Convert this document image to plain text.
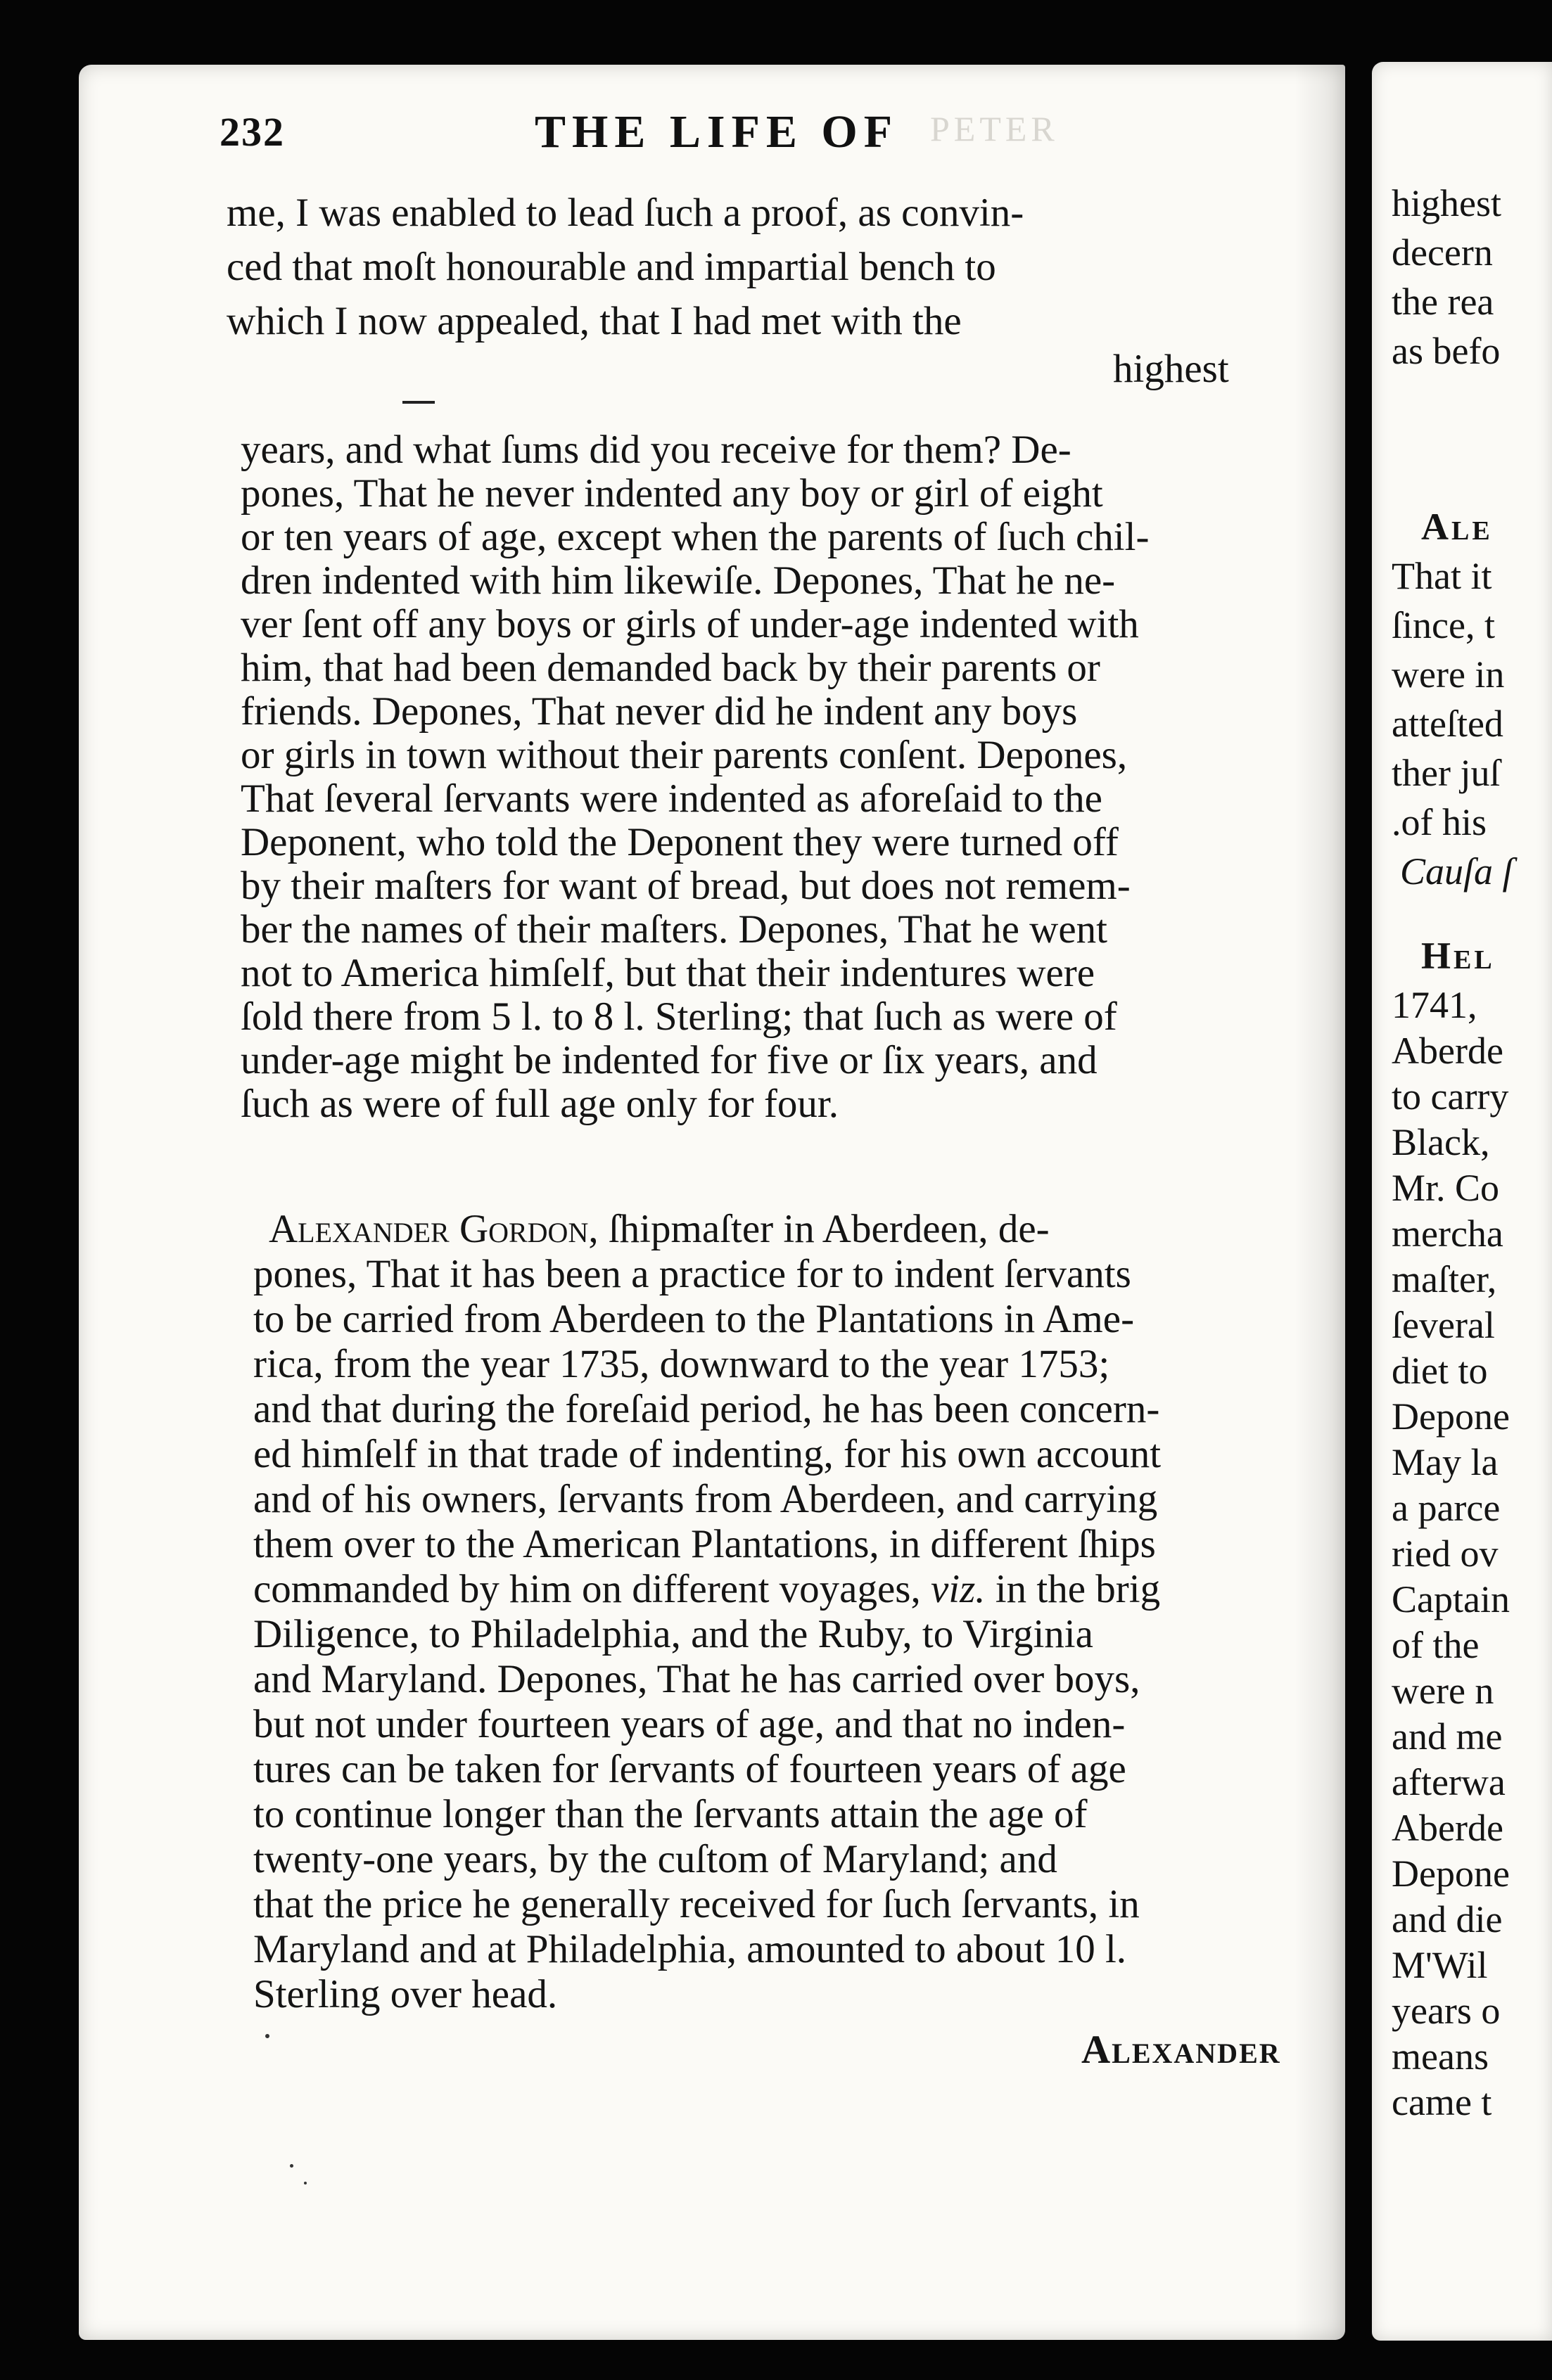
PETER
232	THE LIFE OF
me, I was enabled to lead ſuch a proof, as convin-
ced that moſt honourable and impartial bench to
which I now appealed, that I had met with the
highest
years, and what ſums did you receive for them? De-
pones, That he never indented any boy or girl of eight
or ten years of age, except when the parents of ſuch chil-
dren indented with him likewiſe. Depones, That he ne-
ver ſent off any boys or girls of under-age indented with
him, that had been demanded back by their parents or
friends. Depones, That never did he indent any boys
or girls in town without their parents conſent. Depones,
That ſeveral ſervants were indented as aforeſaid to the
Deponent, who told the Deponent they were turned off
by their maſters for want of bread, but does not remem-
ber the names of their maſters. Depones, That he went
not to America himſelf, but that their indentures were
ſold there from 5 l. to 8 l. Sterling; that ſuch as were of
under-age might be indented for five or ſix years, and
ſuch as were of full age only for four.
Alexander Gordon, ſhipmaſter in Aberdeen, de-
pones, That it has been a practice for to indent ſervants
to be carried from Aberdeen to the Plantations in Ame-
rica, from the year 1735, downward to the year 1753;
and that during the foreſaid period, he has been concern-
ed himſelf in that trade of indenting, for his own account
and of his owners, ſervants from Aberdeen, and carrying
them over to the American Plantations, in different ſhips
commanded by him on different voyages, viz. in the brig
Diligence, to Philadelphia, and the Ruby, to Virginia
and Maryland. Depones, That he has carried over boys,
but not under fourteen years of age, and that no inden-
tures can be taken for ſervants of fourteen years of age
to continue longer than the ſervants attain the age of
twenty-one years, by the cuſtom of Maryland; and
that the price he generally received for ſuch ſervants, in
Maryland and at Philadelphia, amounted to about 10 l.
Sterling over head.
Alexander
highest
decern
the rea
as befo
Ale
That it
ſince, t
were in
atteſted
ther juſ
.of his
Cauſa ſ
Hel
1741,
Aberde
to carry
Black,
Mr. Co
mercha
maſter,
ſeveral
diet to
Depone
May la
a parce
ried ov
Captain
of the
were n
and me
afterwa
Aberde
Depone
and die
M'Wil
years o
means
came t
